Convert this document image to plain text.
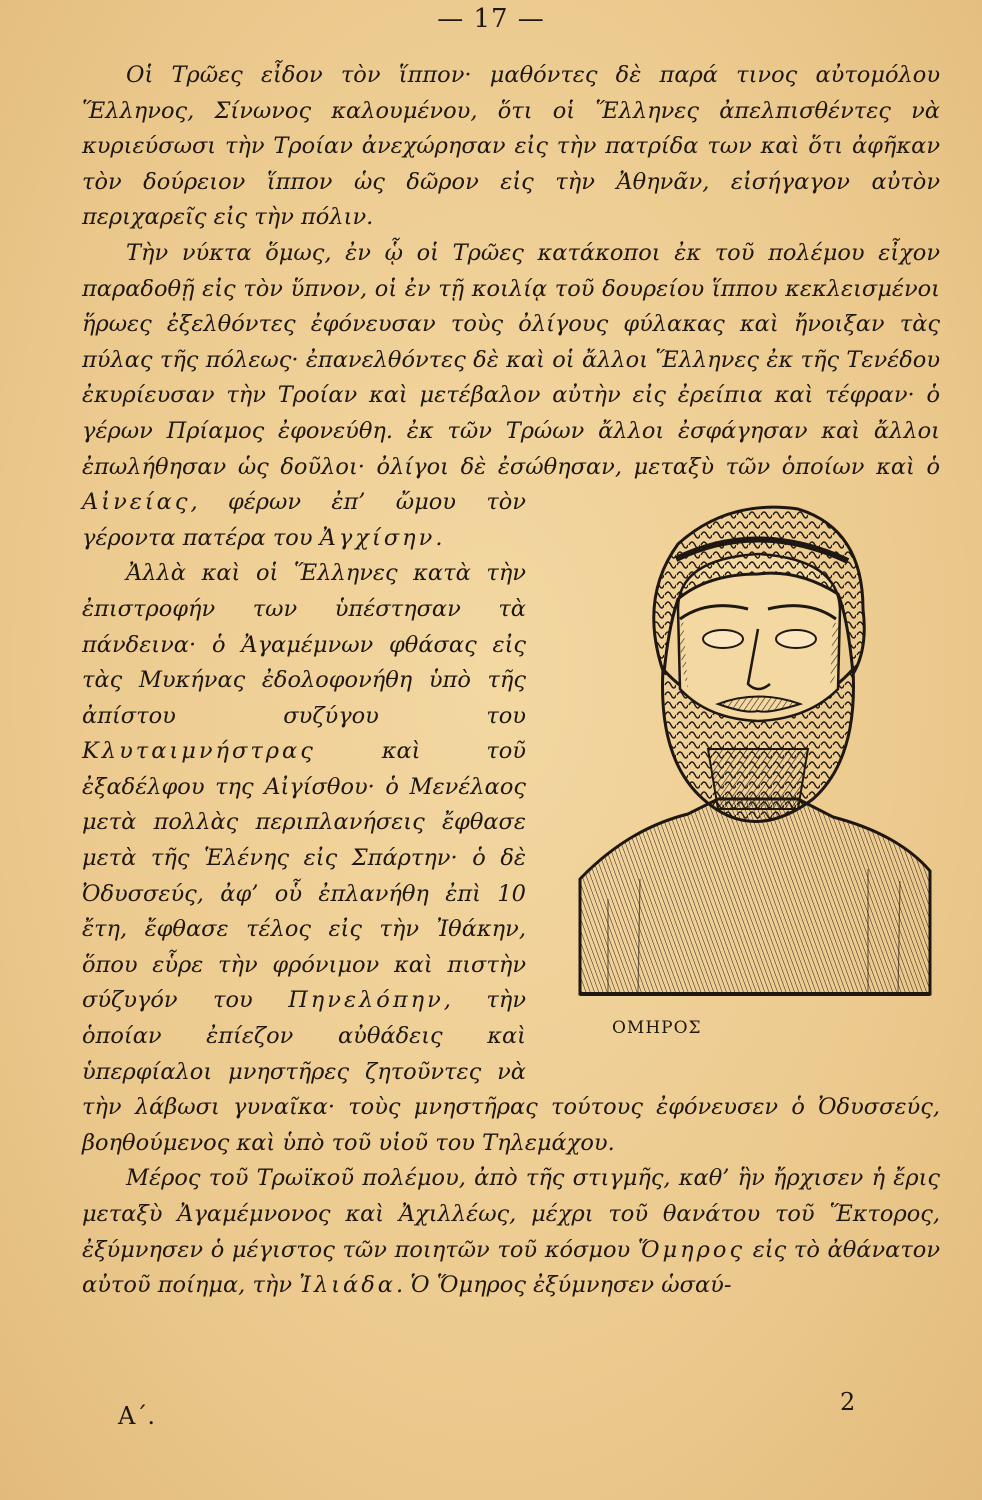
— 17 —

Οἱ Τρῶες εἶδον τὸν ἵππον· μαθόντες δὲ παρά τινος αὐτομόλου Ἕλληνος, Σίνωνος καλουμένου, ὅτι οἱ Ἕλληνες ἀπελπισθέντες νὰ κυριεύσωσι τὴν Τροίαν ἀνεχώρησαν εἰς τὴν πατρίδα των καὶ ὅτι ἀφῆκαν τὸν δούρειον ἵππον ὡς δῶρον εἰς τὴν Ἀθηνᾶν, εἰσήγαγον αὐτὸν περιχαρεῖς εἰς τὴν πόλιν.

Τὴν νύκτα ὅμως, ἐν ᾧ οἱ Τρῶες κατάκοποι ἐκ τοῦ πολέμου εἶχον παραδοθῇ εἰς τὸν ὕπνον, οἱ ἐν τῇ κοιλίᾳ τοῦ δουρείου ἵππου κεκλεισμένοι ἥρωες ἐξελθόντες ἐφόνευσαν τοὺς ὀλίγους φύλακας καὶ ἤνοιξαν τὰς πύλας τῆς πόλεως· ἐπανελθόντες δὲ καὶ οἱ ἄλλοι Ἕλληνες ἐκ τῆς Τενέδου ἐκυρίευσαν τὴν Τροίαν καὶ μετέβαλον αὐτὴν εἰς ἐρείπια καὶ τέφραν· ὁ γέρων Πρίαμος ἐφονεύθη. ἐκ τῶν Τρώων ἄλλοι ἐσφάγησαν καὶ ἄλλοι ἐπωλήθησαν ὡς δοῦλοι· ὀλίγοι δὲ ἐσώθησαν, μεταξὺ τῶν ὁποίων καὶ ὁ
ΟΜΗΡΟΣ
Αἰνείας, φέρων ἐπ’ ὤμου τὸν γέροντα πατέρα του Ἀγχίσην.

Ἀλλὰ καὶ οἱ Ἕλληνες κατὰ τὴν ἐπιστροφήν των ὑπέστησαν τὰ πάνδεινα· ὁ Ἀγαμέμνων φθάσας εἰς τὰς Μυκήνας ἐδολοφονήθη ὑπὸ τῆς ἀπίστου συζύγου του Κλυταιμνήστρας	καὶ τοῦ ἐξαδέλφου της Αἰγίσθου· ὁ Μενέλαος μετὰ πολλὰς περιπλανήσεις ἔφθασε μετὰ τῆς Ἑλένης εἰς Σπάρτην· ὁ δὲ Ὀδυσσεύς, ἀφ’ οὗ ἐπλανήθη ἐπὶ 10 ἔτη, ἔφθασε τέλος εἰς τὴν Ἰθάκην, ὅπου εὗρε τὴν φρόνιμον καὶ πιστὴν σύζυγόν του Πηνελόπην, τὴν ὁποίαν ἐπίεζον αὐθάδεις καὶ ὑπερφίαλοι μνηστῆρες ζητοῦντες νὰ τὴν λάβωσι γυναῖκα· τοὺς μνηστῆρας τούτους ἐφόνευσεν ὁ Ὀδυσσεύς, βοηθούμενος καὶ ὑπὸ τοῦ υἱοῦ του Τηλεμάχου.

Μέρος τοῦ Τρωϊκοῦ πολέμου, ἀπὸ τῆς στιγμῆς, καθ’ ἣν ἤρχισεν ἡ ἔρις μεταξὺ Ἀγαμέμνονος καὶ Ἀχιλλέως, μέχρι τοῦ θανάτου τοῦ Ἕκτορος, ἐξύμνησεν ὁ μέγιστος τῶν ποιητῶν τοῦ κόσμου Ὅμηρος εἰς τὸ ἀθάνατον αὐτοῦ ποίημα, τὴν Ἰλιάδα. Ὁ Ὅμηρος ἐξύμνησεν ὡσαύ-

Α΄.	2
